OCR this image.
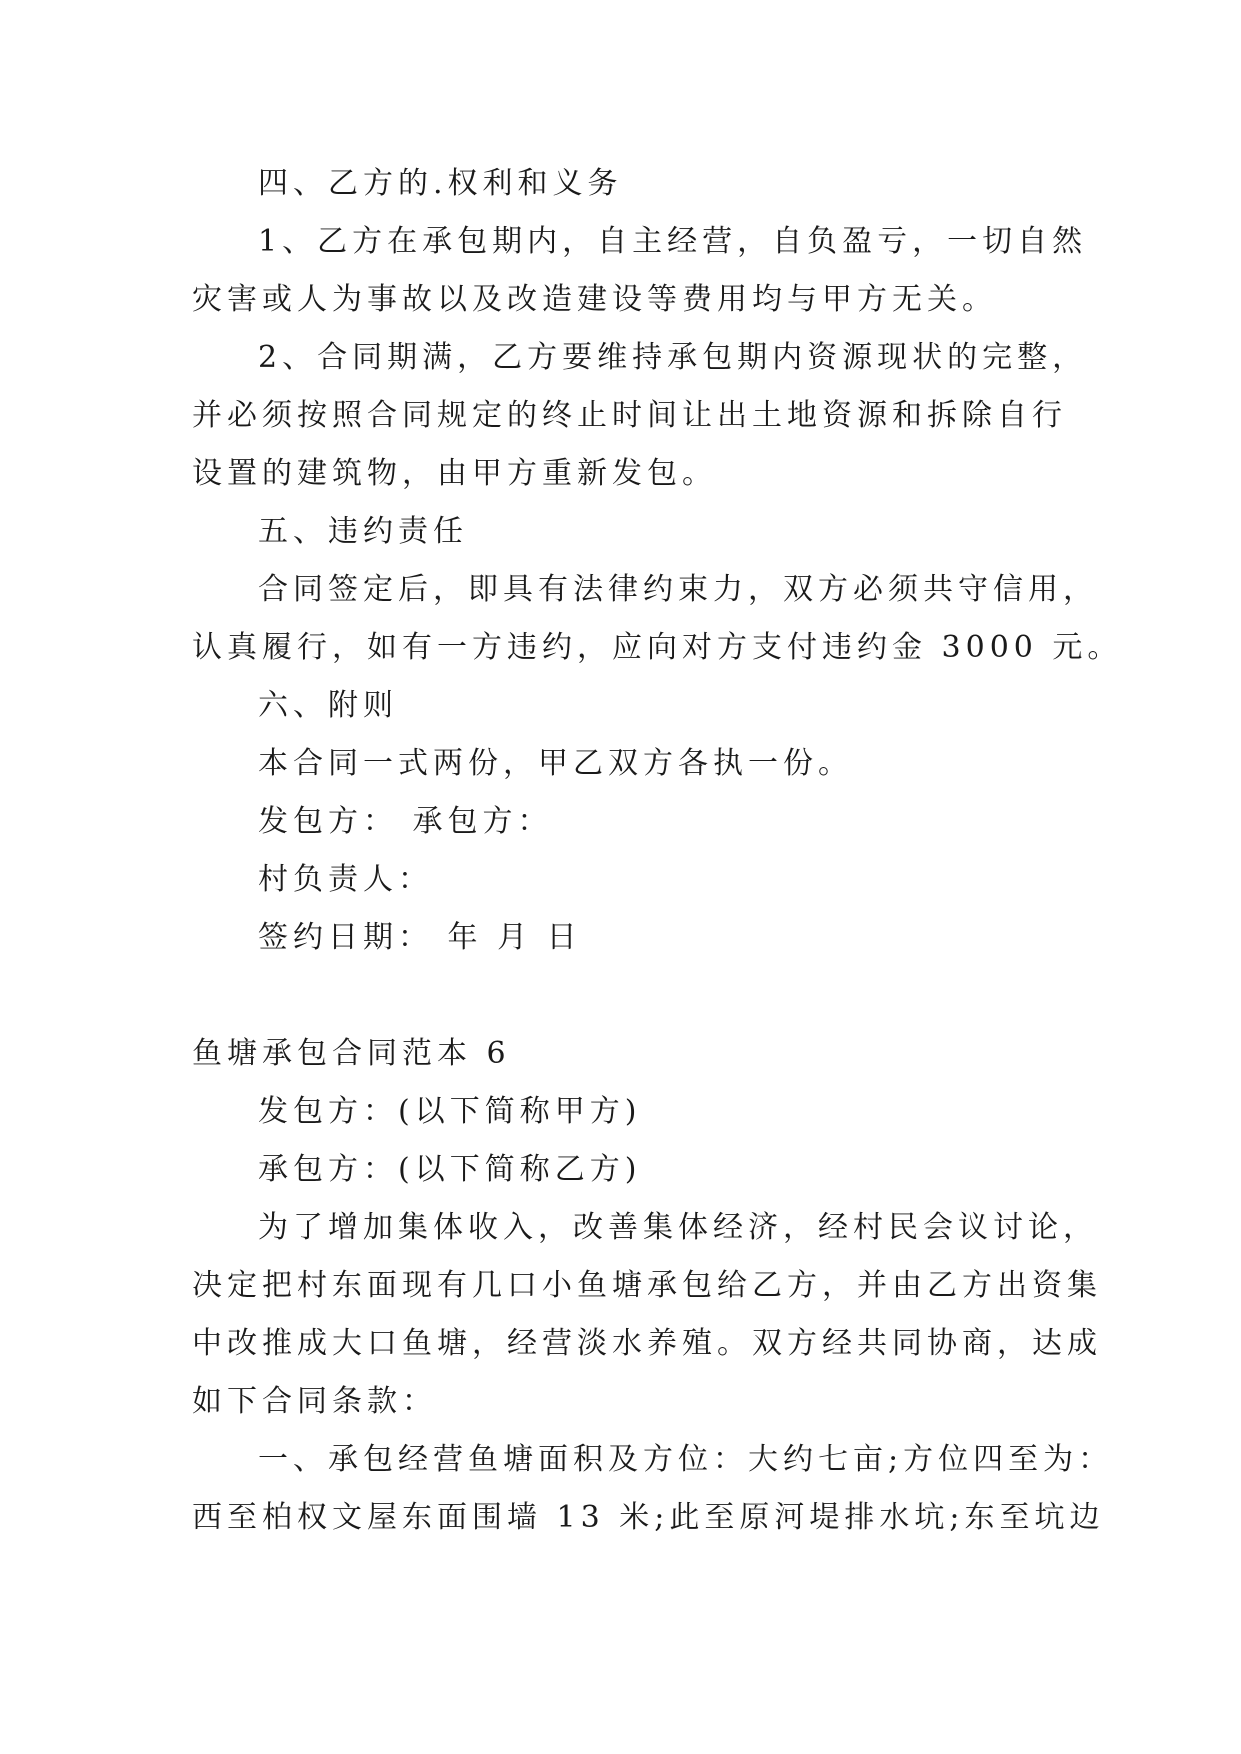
四、乙方的.权利和义务
1、乙方在承包期内，自主经营，自负盈亏，一切自然
灾害或人为事故以及改造建设等费用均与甲方无关。
2、合同期满，乙方要维持承包期内资源现状的完整，
并必须按照合同规定的终止时间让出土地资源和拆除自行
设置的建筑物，由甲方重新发包。
五、违约责任
合同签定后，即具有法律约束力，双方必须共守信用，
认真履行，如有一方违约，应向对方支付违约金 3000 元。
六、附则
本合同一式两份，甲乙双方各执一份。
发包方： 承包方：
村负责人：
签约日期： 年 月 日
鱼塘承包合同范本 6
发包方：(以下简称甲方)
承包方：(以下简称乙方)
为了增加集体收入，改善集体经济，经村民会议讨论，
决定把村东面现有几口小鱼塘承包给乙方，并由乙方出资集
中改推成大口鱼塘，经营淡水养殖。双方经共同协商，达成
如下合同条款：
一、承包经营鱼塘面积及方位：大约七亩;方位四至为：
西至柏权文屋东面围墙 13 米;此至原河堤排水坑;东至坑边
